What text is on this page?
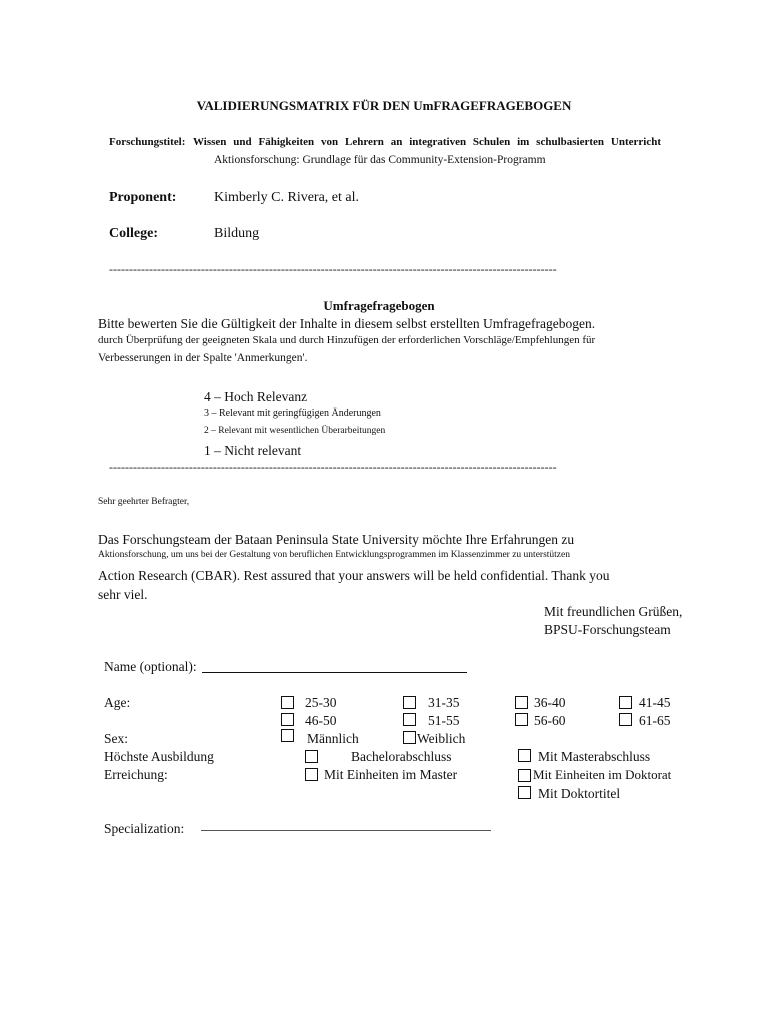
VALIDIERUNGSMATRIX FÜR DEN UmFRAGEFRAGEBOGEN
Forschungstitel: Wissen und Fähigkeiten von Lehrern an integrativen Schulen im schulbasierten Unterricht
Aktionsforschung: Grundlage für das Community-Extension-Programm
Proponent:	Kimberly C. Rivera, et al.
College:	Bildung
----------------------------------------------------------------------------------------------------------------
Umfragefragebogen
Bitte bewerten Sie die Gültigkeit der Inhalte in diesem selbst erstellten Umfragefragebogen.
durch Überprüfung der geeigneten Skala und durch Hinzufügen der erforderlichen Vorschläge/Empfehlungen für
Verbesserungen in der Spalte 'Anmerkungen'.
4 – Hoch Relevanz
3 – Relevant mit geringfügigen Änderungen
2 – Relevant mit wesentlichen Überarbeitungen
1 – Nicht relevant
----------------------------------------------------------------------------------------------------------------
Sehr geehrter Befragter,
Das Forschungsteam der Bataan Peninsula State University möchte Ihre Erfahrungen zu
Aktionsforschung, um uns bei der Gestaltung von beruflichen Entwicklungsprogrammen im Klassenzimmer zu unterstützen
Action Research (CBAR). Rest assured that your answers will be held confidential. Thank you
sehr viel.
Mit freundlichen Grüßen,
BPSU-Forschungsteam
Name (optional):
Age:	25-30	31-35	36-40	41-45
46-50	51-55	56-60	61-65
Sex:	Männlich	Weiblich
Höchste Ausbildung
Erreichung:
Bachelorabschluss	Mit Masterabschluss
Mit Einheiten im Master	Mit Einheiten im Doktorat
Mit Doktortitel
Specialization:
